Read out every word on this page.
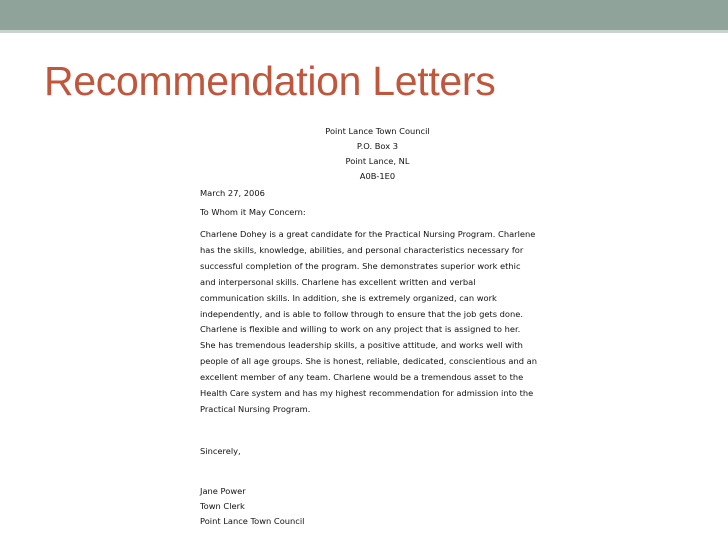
Recommendation Letters
Point Lance Town Council
P.O. Box 3
Point Lance, NL
A0B-1E0
March 27, 2006
To Whom it May Concern:
Charlene Dohey is a great candidate for the Practical Nursing Program. Charlene
has the skills, knowledge, abilities, and personal characteristics necessary for
successful completion of the program. She demonstrates superior work ethic
and interpersonal skills. Charlene has excellent written and verbal
communication skills. In addition, she is extremely organized, can work
independently, and is able to follow through to ensure that the job gets done.
Charlene is flexible and willing to work on any project that is assigned to her.
She has tremendous leadership skills, a positive attitude, and works well with
people of all age groups. She is honest, reliable, dedicated, conscientious and an
excellent member of any team. Charlene would be a tremendous asset to the
Health Care system and has my highest recommendation for admission into the
Practical Nursing Program.
Sincerely,
Jane Power
Town Clerk
Point Lance Town Council
